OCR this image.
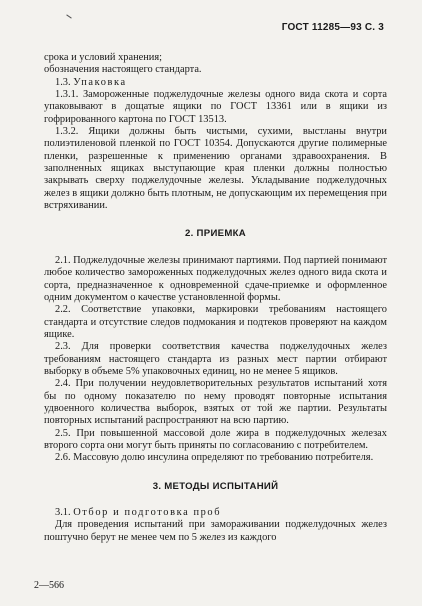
ГОСТ 11285—93 С. 3

срока и условий хранения;

обозначения настоящего стандарта.

1.3. Упаковка

1.3.1. Замороженные поджелудочные железы одного вида скота и сорта упаковывают в дощатые ящики по ГОСТ 13361 или в ящики из гофрированного картона по ГОСТ 13513.

1.3.2. Ящики должны быть чистыми, сухими, выстланы внутри полиэтиленовой пленкой по ГОСТ 10354. Допускаются другие полимерные пленки, разрешенные к применению органами здравоохранения. В заполненных ящиках выступающие края пленки должны полностью закрывать сверху поджелудочные железы. Укладывание поджелудочных желез в ящики должно быть плотным, не допускающим их перемещения при встряхивании.

2. ПРИЕМКА

2.1. Поджелудочные железы принимают партиями. Под партией понимают любое количество замороженных поджелудочных желез одного вида скота и сорта, предназначенное к одновременной сдаче-приемке и оформленное одним документом о качестве установленной формы.

2.2. Соответствие упаковки, маркировки требованиям настоящего стандарта и отсутствие следов подмокания и подтеков проверяют на каждом ящике.

2.3. Для проверки соответствия качества поджелудочных желез требованиям настоящего стандарта из разных мест партии отбирают выборку в объеме 5% упаковочных единиц, но не менее 5 ящиков.

2.4. При получении неудовлетворительных результатов испытаний хотя бы по одному показателю по нему проводят повторные испытания удвоенного количества выборок, взятых от той же партии. Результаты повторных испытаний распространяют на всю партию.

2.5. При повышенной массовой доле жира в поджелудочных железах второго сорта они могут быть приняты по согласованию с потребителем.

2.6. Массовую долю инсулина определяют по требованию потребителя.

3. МЕТОДЫ ИСПЫТАНИЙ

3.1. Отбор и подготовка проб

Для проведения испытаний при замораживании поджелудочных желез поштучно берут не менее чем по 5 желез из каждого

2—566
